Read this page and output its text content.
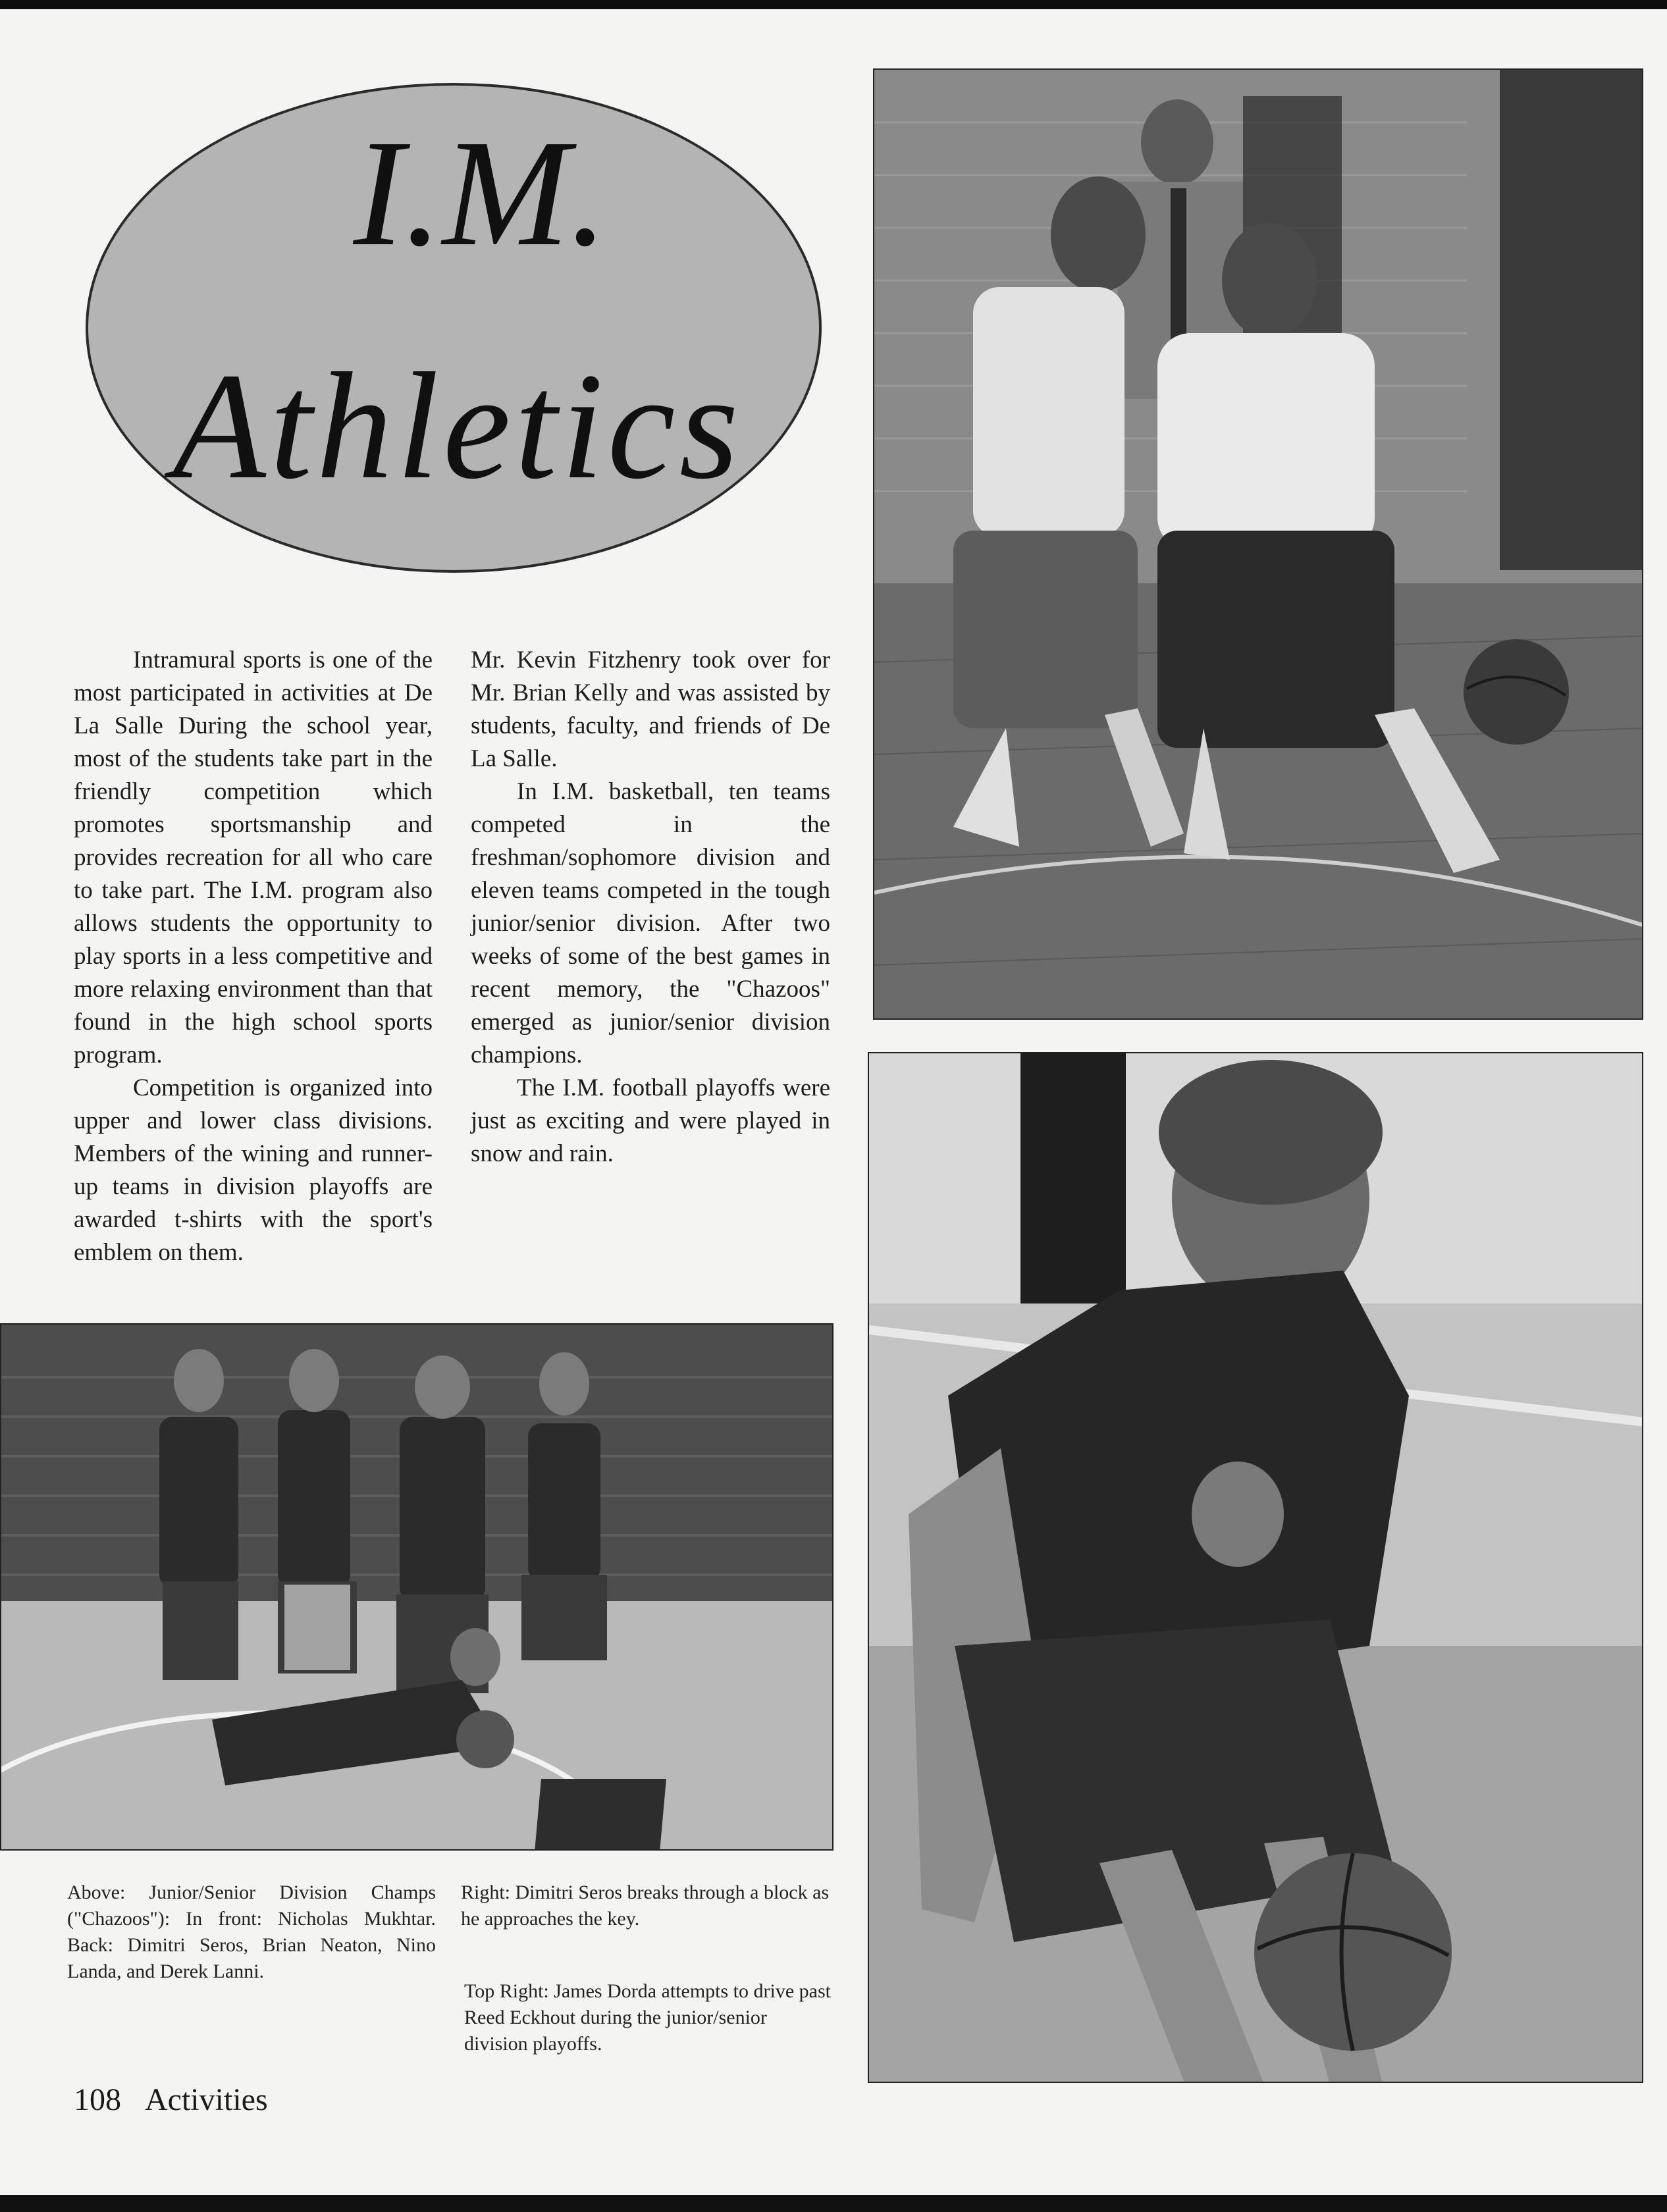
I.M.
Athletics

Intramural sports is one of the most participated in activities at De La Salle During the school year, most of the students take part in the friendly competition which promotes sportsmanship and provides recreation for all who care to take part. The I.M. program also allows students the opportunity to play sports in a less competitive and more relaxing environment than that found in the high school sports program.

Competition is organized into upper and lower class divisions. Members of the wining and runner-up teams in division playoffs are awarded t-shirts with the sport's emblem on them.

Mr. Kevin Fitzhenry took over for Mr. Brian Kelly and was assisted by students, faculty, and friends of De La Salle.

In I.M. basketball, ten teams competed in the freshman/sophomore division and eleven teams competed in the tough junior/senior division. After two weeks of some of the best games in recent memory, the "Chazoos" emerged as junior/senior division champions.

The I.M. football playoffs were just as exciting and were played in snow and rain.

Above: Junior/Senior Division Champs ("Chazoos"): In front: Nicholas Mukhtar. Back: Dimitri Seros, Brian Neaton, Nino Landa, and Derek Lanni.
Right: Dimitri Seros breaks through a block as he approaches the key.
Top Right: James Dorda attempts to drive past Reed Eckhout during the junior/senior division playoffs.
108 Activities
